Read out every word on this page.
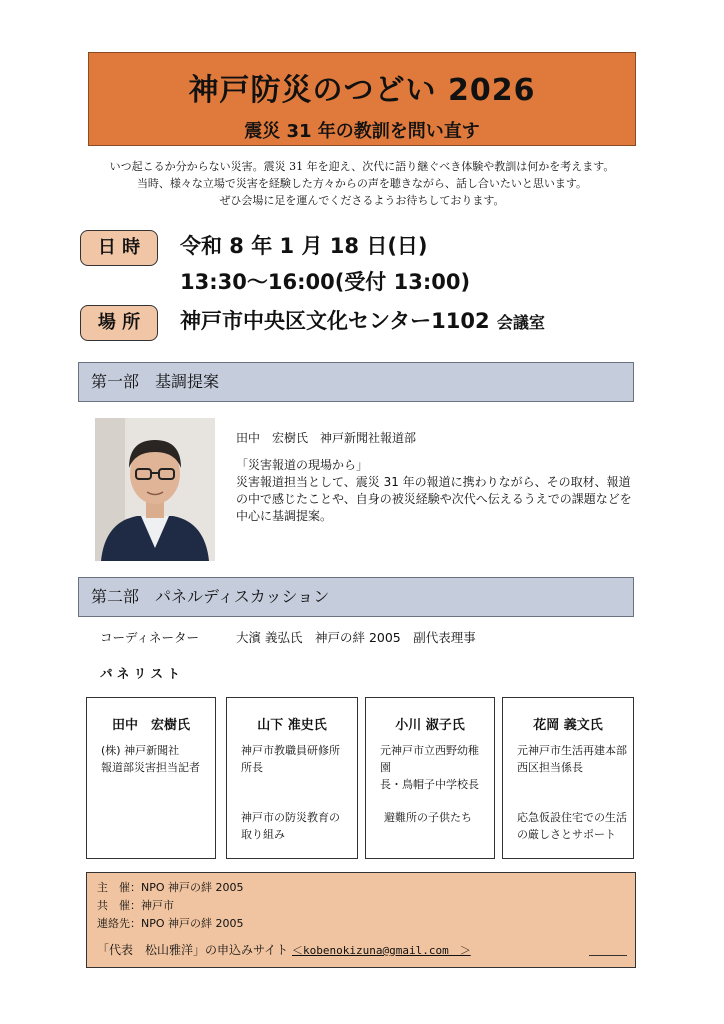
神戸防災のつどい 2026
震災 31 年の教訓を問い直す
いつ起こるか分からない災害。震災 31 年を迎え、次代に語り継ぐべき体験や教訓は何かを考えます。
当時、様々な立場で災害を経験した方々からの声を聴きながら、話し合いたいと思います。
ぜひ会場に足を運んでくださるようお待ちしております。
日 時	令和 8 年 1 月 18 日(日)
13:30～16:00(受付 13:00)
場 所	神戸市中央区文化センター1102 会議室
第一部　基調提案
田中　宏樹氏　神戸新聞社報道部
「災害報道の現場から」
災害報道担当として、震災 31 年の報道に携わりながら、その取材、報道の中で感じたことや、自身の被災経験や次代へ伝えるうえでの課題などを中心に基調提案。
第二部　パネルディスカッション
コーディネーター	大濱 義弘氏　神戸の絆 2005　副代表理事
パ ネ リ ス ト
田中　宏樹氏
(株) 神戸新聞社
報道部災害担当記者
山下 准史氏
神戸市教職員研修所
所長
神戸市の防災教育の
取り組み
小川 淑子氏
元神戸市立西野幼稚園
長・鳥帽子中学校長
避難所の子供たち
花岡 義文氏
元神戸市生活再建本部
西区担当係長
応急仮設住宅での生活
の厳しさとサポート
主　催：NPO 神戸の絆 2005
共　催：神戸市
連絡先：NPO 神戸の絆 2005
「代表　松山雅洋」の申込みサイト ＜kobenokizuna@gmail.com　＞
